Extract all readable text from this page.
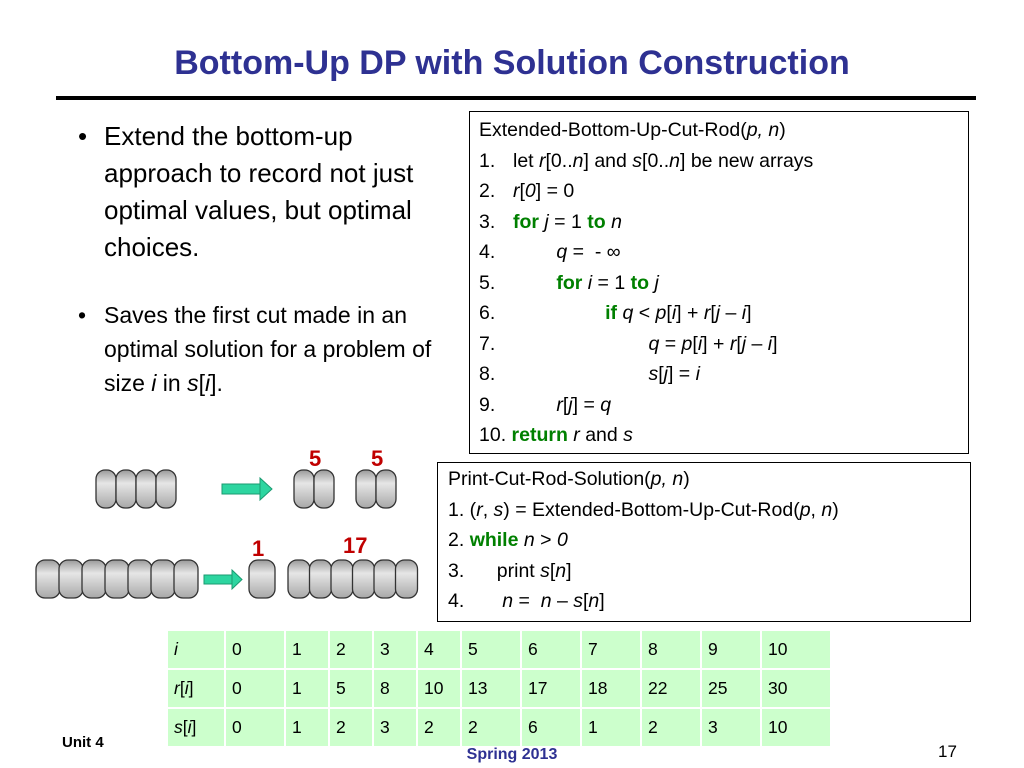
Bottom-Up DP with Solution Construction
• Extend the bottom-up approach to record not just optimal values, but optimal choices.
• Saves the first cut made in an optimal solution for a problem of size i in s[i].
Extended-Bottom-Up-Cut-Rod(p, n)
1. let r[0..n] and s[0..n] be new arrays
2. r[0] = 0
3. for j = 1 to n
4.	q =  - ∞
5.	for i = 1 to j
6.	if q < p[i] + r[j – i]
7.	q = p[i] + r[j – i]
8.	s[j] = i
9.	r[j] = q
10. return r and s
Print-Cut-Rod-Solution(p, n)
1. (r, s) = Extended-Bottom-Up-Cut-Rod(p, n)
2. while n > 0
3.      print s[n]
4.       n =  n – s[n]
5 5
1	17
i	0	1	2	3	4	5	6	7	8	9	10
r[i]	0	1	5	8	10	13	17	18	22	25	30
s[i]	0	1	2	3	2	2	6	1	2	3	10
Unit 4
Spring 2013	17
